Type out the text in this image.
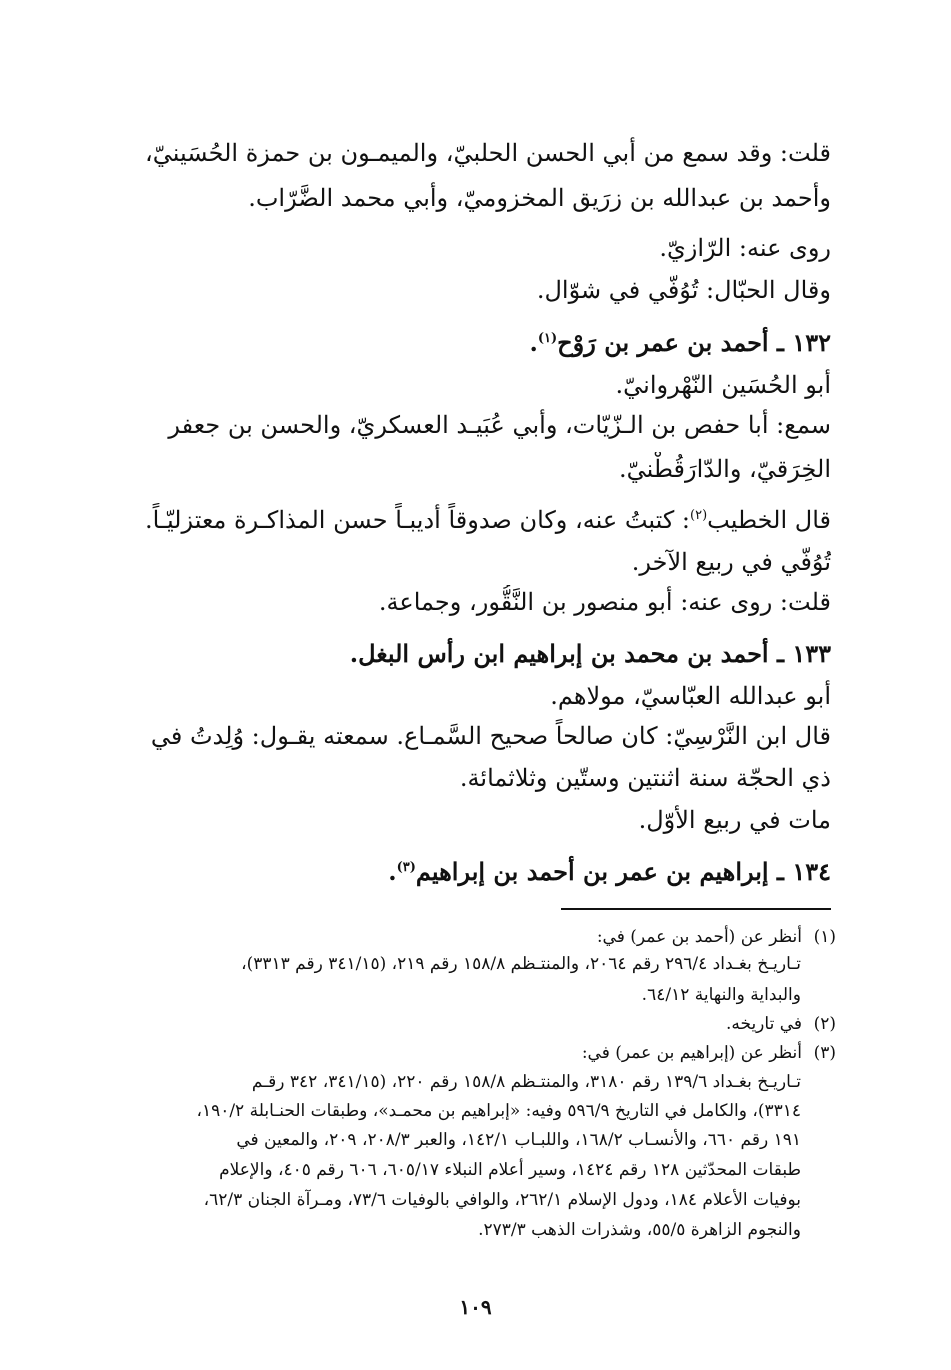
قلت: وقد سمع من أبي الحسن الحلبيّ، والميمـون بن حمزة الحُسَينيّ،
وأحمد بن عبدالله بن زرَيق المخزوميّ، وأبي محمد الضَّرّاب.
روى عنه: الرّازيّ.
وقال الحبّال: تُوُفّي في شوّال.
١٣٢ ـ أحمد بن عمر بن رَوْح$^{(١)}$.
أبو الحُسَين النّهْروانيّ.
سمع: أبا حفص بن الـزّيّات، وأبي عُبَيـد العسكريّ، والحسن بن جعفر
الخِرَقيّ، والدّارَقُطْنيّ.
قال الخطيب$^{(٢)}$: كتبتُ عنه، وكان صدوقاً أديبـاً حسن المذاكـرة معتزليّـاً.
تُوُفّي في ربيع الآخر.
قلت: روى عنه: أبو منصور بن النَّقُّور، وجماعة.
١٣٣ ـ أحمد بن محمد بن إبراهيم ابن رأس البغل.
أبو عبدالله العبّاسيّ، مولاهم.
قال ابن النَّرْسِيّ: كان صالحاً صحيح السَّمـاع. سمعته يقـول: وُلِدتُ في
ذي الحجّة سنة اثنتين وستّين وثلاثمائة.
مات في ربيع الأوّل.
١٣٤ ـ إبراهيم بن عمر بن أحمد بن إبراهيم$^{(٣)}$.
(١)أنظر عن (أحمد بن عمر) في:
تـاريـخ بغـداد ٢٩٦/٤ رقم ٢٠٦٤، والمنتـظم ١٥٨/٨ رقم ٢١٩، (٣٤١/١٥ رقم ٣٣١٣)،
والبداية والنهاية ٦٤/١٢.
(٢)في تاريخه.
(٣)أنظر عن (إبراهيم بن عمر) في:
تـاريـخ بغـداد ١٣٩/٦ رقم ٣١٨٠، والمنتـظم ١٥٨/٨ رقم ٢٢٠، (٣٤١/١٥، ٣٤٢ رقـم
٣٣١٤)، والكامل في التاريخ ٥٩٦/٩ وفيه: «إبراهيم بن محمـد»، وطبقات الحنـابلة ١٩٠/٢،
١٩١ رقم ٦٦٠، والأنسـاب ١٦٨/٢، واللبـاب ١٤٢/١، والعبر ٢٠٨/٣، ٢٠٩، والمعين في
طبقات المحدّثين ١٢٨ رقم ١٤٢٤، وسير أعلام النبلاء ٦٠٥/١٧، ٦٠٦ رقم ٤٠٥، والإعلام
بوفيات الأعلام ١٨٤، ودول الإسلام ٢٦٢/١، والوافي بالوفيات ٧٣/٦، ومـرآة الجنان ٦٢/٣،
والنجوم الزاهرة ٥٥/٥، وشذرات الذهب ٢٧٣/٣.
١٠٩
